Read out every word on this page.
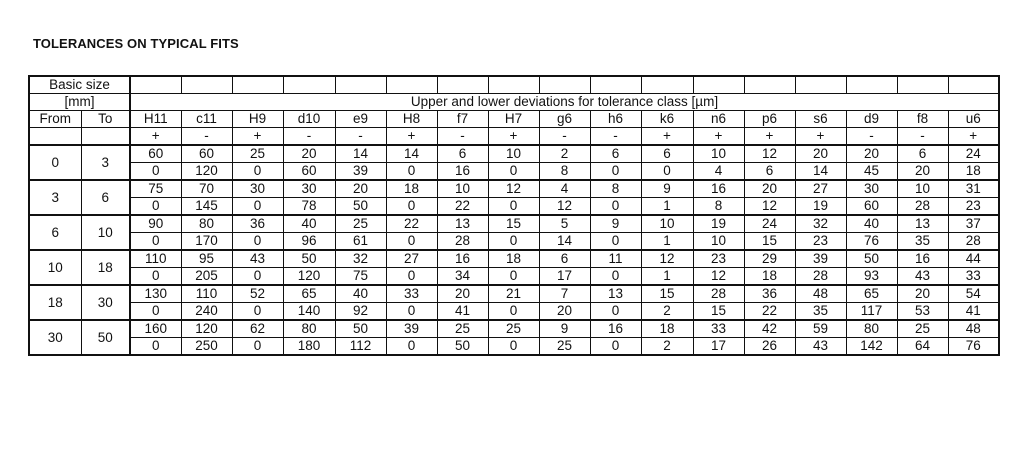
TOLERANCES ON TYPICAL FITS
Basic size																		
[mm]		Upper and lower deviations for tolerance class [µm]																
From	To	H11	c11	H9	d10	e9	H8	f7	H7	g6	h6	k6	n6	p6	s6	d9	f8	u6
		+	-	+	-	-	+	-	+	-	-	+	+	+	+	-	-	+
0	3	60	60	25	20	14	14	6	10	2	6	6	10	12	20	20	6	24
		0	120	0	60	39	0	16	0	8	0	0	4	6	14	45	20	18
3	6	75	70	30	30	20	18	10	12	4	8	9	16	20	27	30	10	31
		0	145	0	78	50	0	22	0	12	0	1	8	12	19	60	28	23
6	10	90	80	36	40	25	22	13	15	5	9	10	19	24	32	40	13	37
		0	170	0	96	61	0	28	0	14	0	1	10	15	23	76	35	28
10	18	110	95	43	50	32	27	16	18	6	11	12	23	29	39	50	16	44
		0	205	0	120	75	0	34	0	17	0	1	12	18	28	93	43	33
18	30	130	110	52	65	40	33	20	21	7	13	15	28	36	48	65	20	54
		0	240	0	140	92	0	41	0	20	0	2	15	22	35	117	53	41
30	50	160	120	62	80	50	39	25	25	9	16	18	33	42	59	80	25	48
		0	250	0	180	112	0	50	0	25	0	2	17	26	43	142	64	76
